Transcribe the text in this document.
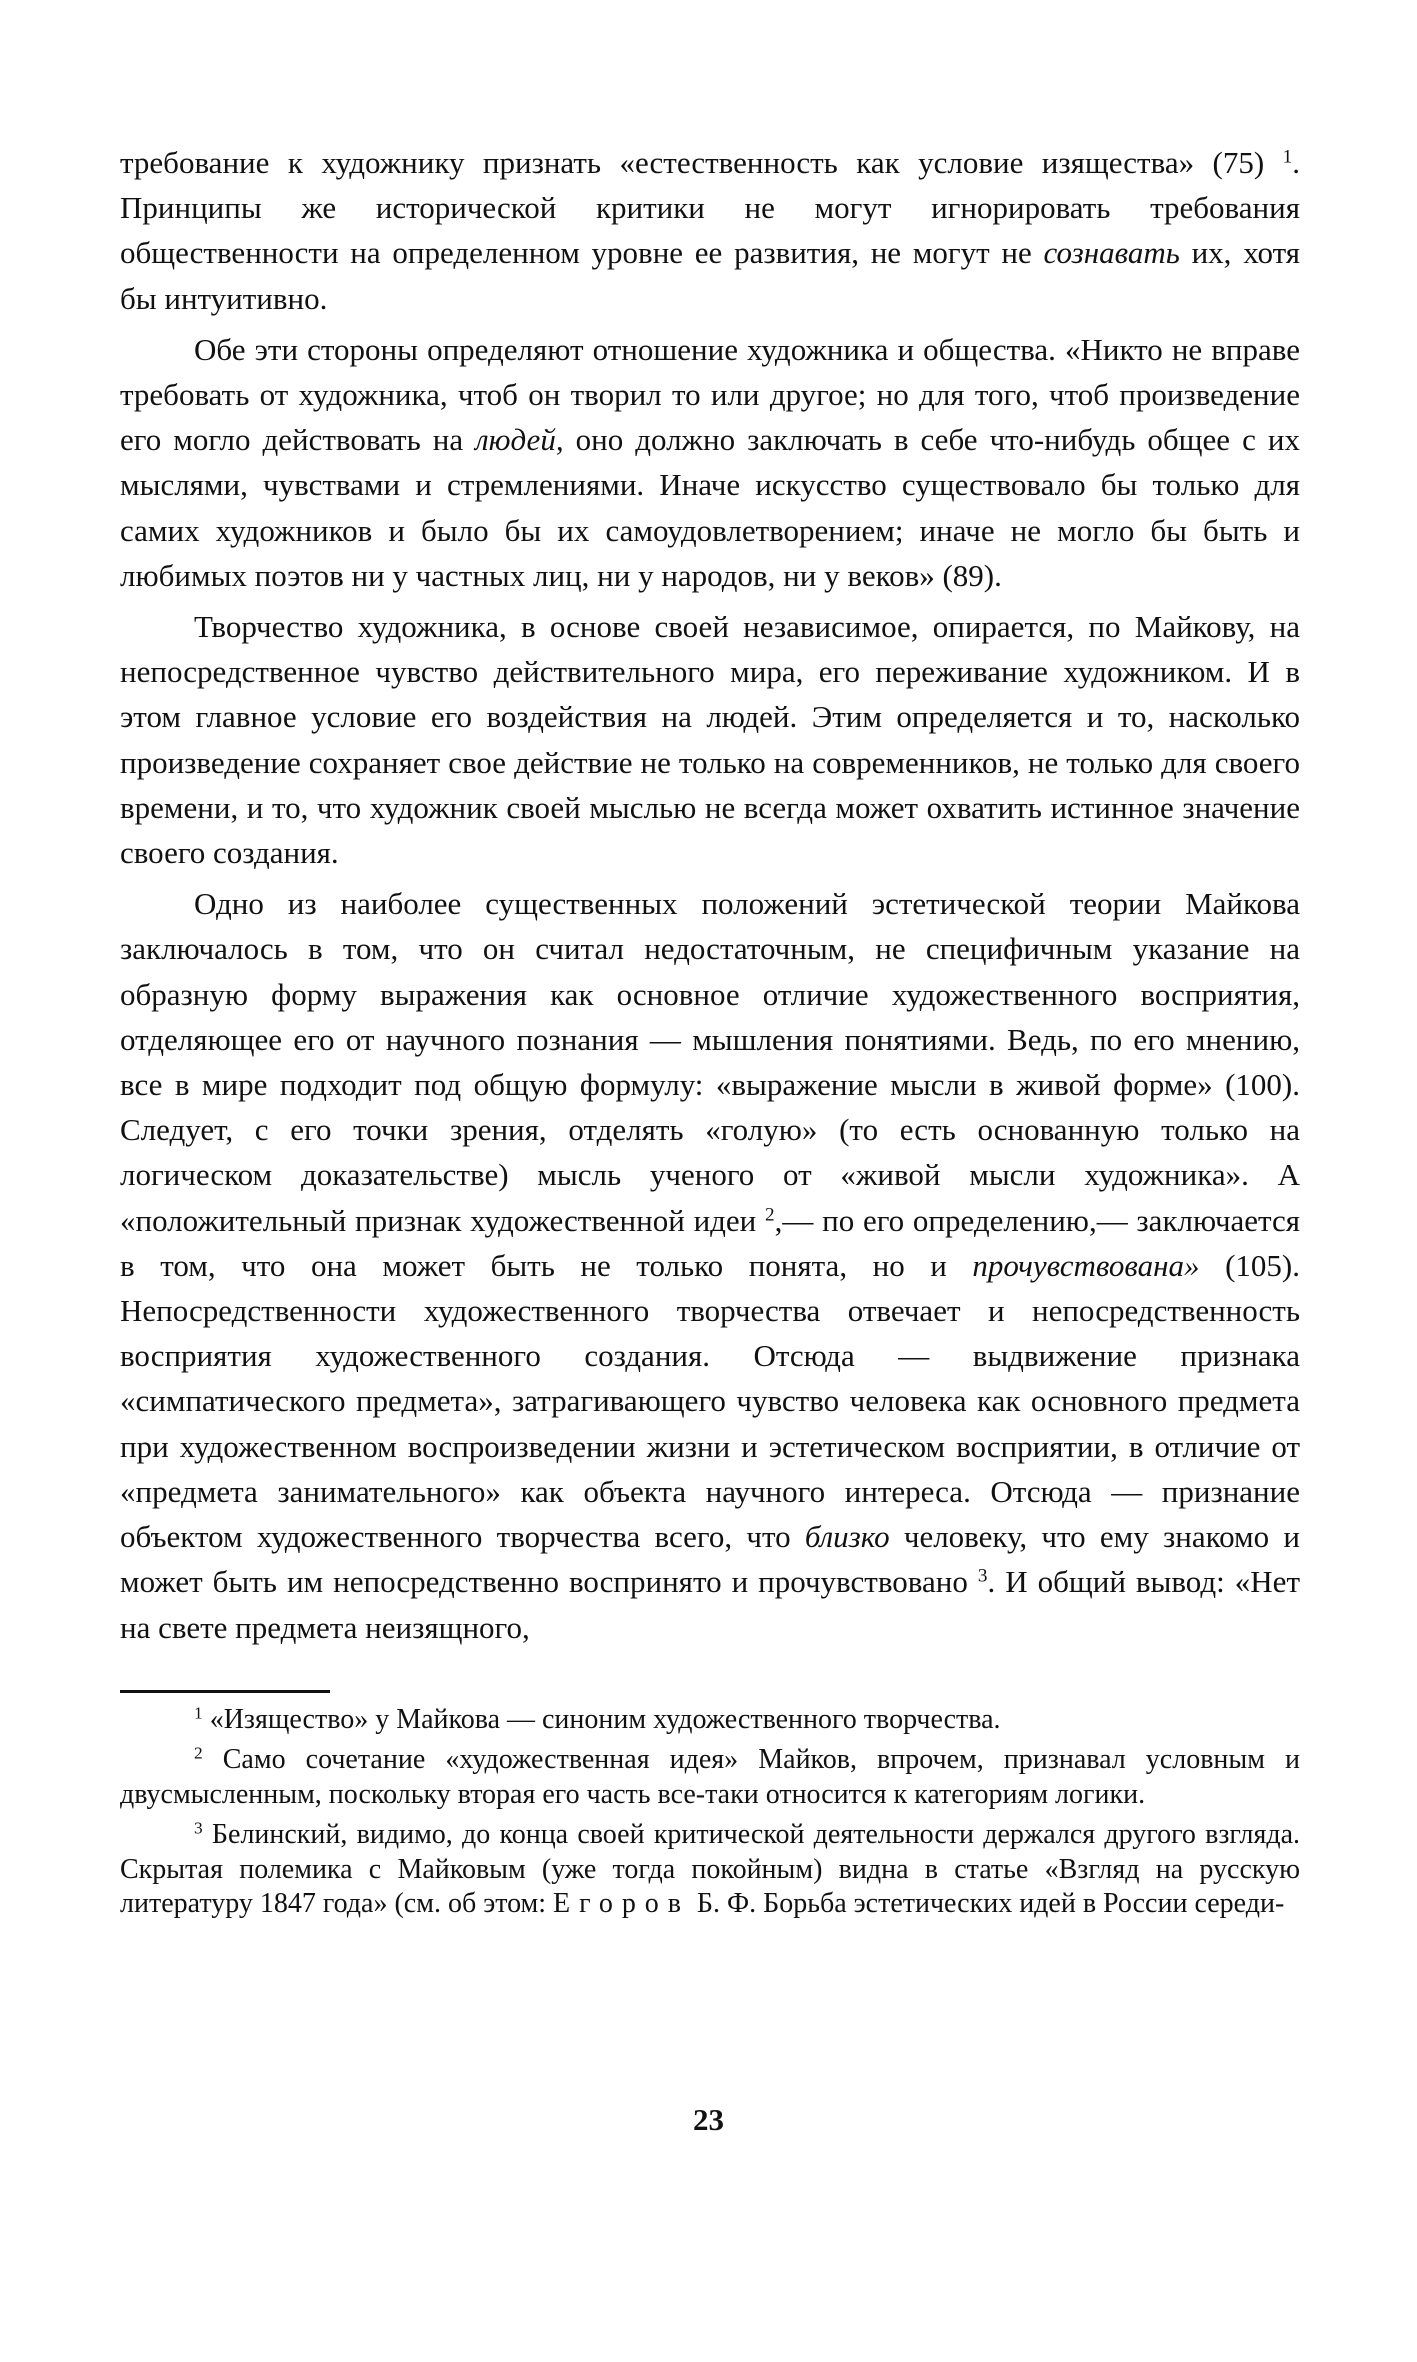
требование к художнику признать «естественность как условие изящества» (75) $^1$. Принципы же исторической критики не могут игнорировать требования общественности на определенном уровне ее развития, не могут не сознавать их, хотя бы интуитивно.

Обе эти стороны определяют отношение художника и общества. «Никто не вправе требовать от художника, чтоб он творил то или другое; но для того, чтоб произведение его могло действовать на людей, оно должно заключать в себе что-нибудь общее с их мыслями, чувствами и стремлениями. Иначе искусство существовало бы только для самих художников и было бы их самоудовлетворением; иначе не могло бы быть и любимых поэтов ни у частных лиц, ни у народов, ни у веков» (89).

Творчество художника, в основе своей независимое, опирается, по Майкову, на непосредственное чувство действительного мира, его переживание художником. И в этом главное условие его воздействия на людей. Этим определяется и то, насколько произведение сохраняет свое действие не только на современников, не только для своего времени, и то, что художник своей мыслью не всегда может охватить истинное значение своего создания.

Одно из наиболее существенных положений эстетической теории Майкова заключалось в том, что он считал недостаточным, не специфичным указание на образную форму выражения как основное отличие художественного восприятия, отделяющее его от научного познания — мышления понятиями. Ведь, по его мнению, все в мире подходит под общую формулу: «выражение мысли в живой форме» (100). Следует, с его точки зрения, отделять «голую» (то есть основанную только на логическом доказательстве) мысль ученого от «живой мысли художника». А «положительный признак художественной идеи $^2$,— по его определению,— заключается в том, что она может быть не только понята, но и прочувствована» (105). Непосредственности художественного творчества отвечает и непосредственность восприятия художественного создания. Отсюда — выдвижение признака «симпатического предмета», затрагивающего чувство человека как основного предмета при художественном воспроизведении жизни и эстетическом восприятии, в отличие от «предмета занимательного» как объекта научного интереса. Отсюда — признание объектом художественного творчества всего, что близко человеку, что ему знакомо и может быть им непосредственно воспринято и прочувствовано $^3$. И общий вывод: «Нет на свете предмета неизящного,

$^1$ «Изящество» у Майкова — синоним художественного творчества.

$^2$ Само сочетание «художественная идея» Майков, впрочем, признавал условным и двусмысленным, поскольку вторая его часть все-таки относится к категориям логики.

$^3$ Белинский, видимо, до конца своей критической деятельности держался другого взгляда. Скрытая полемика с Майковым (уже тогда покойным) видна в статье «Взгляд на русскую литературу 1847 года» (см. об этом: Егоров Б. Ф. Борьба эстетических идей в России середи-

23
